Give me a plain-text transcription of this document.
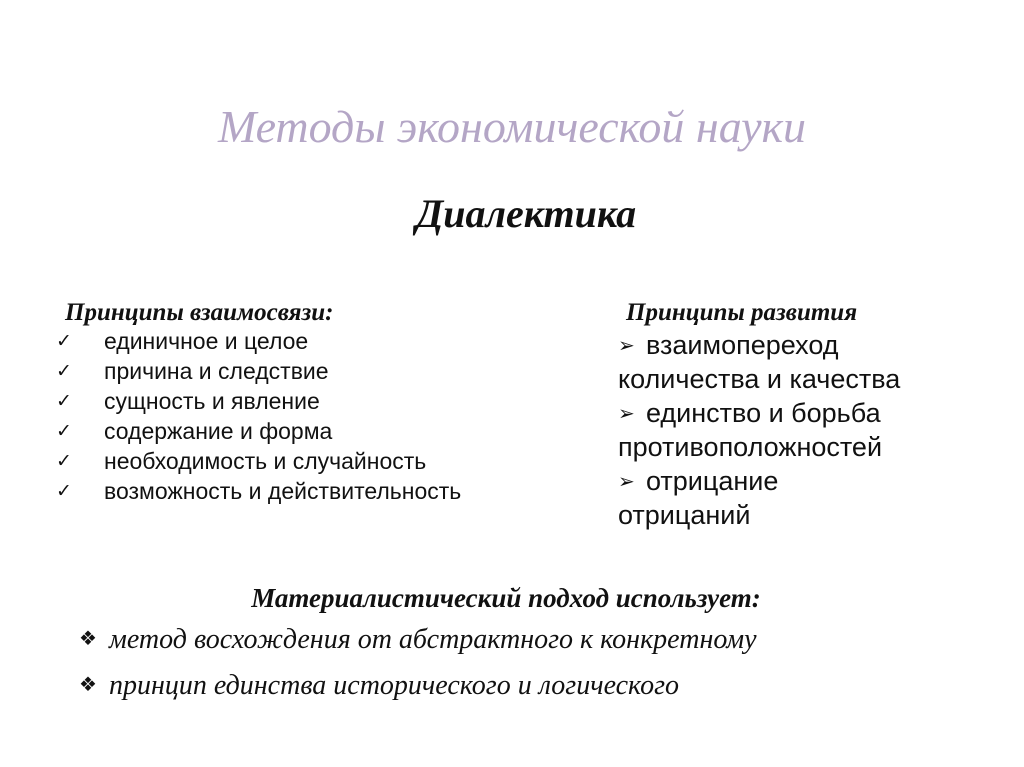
Методы экономической науки
Диалектика
Принципы взаимосвязи:
✓ единичное и целое
✓ причина и следствие
✓ сущность и явление
✓ содержание и форма
✓ необходимость и случайность
✓ возможность и действительность
Принципы развития
➢ взаимопереход
количества и качества
➢ единство и борьба
противоположностей
➢ отрицание
отрицаний
Материалистический подход использует:
❖ метод восхождения от абстрактного к конкретному
❖ принцип единства исторического и логического
